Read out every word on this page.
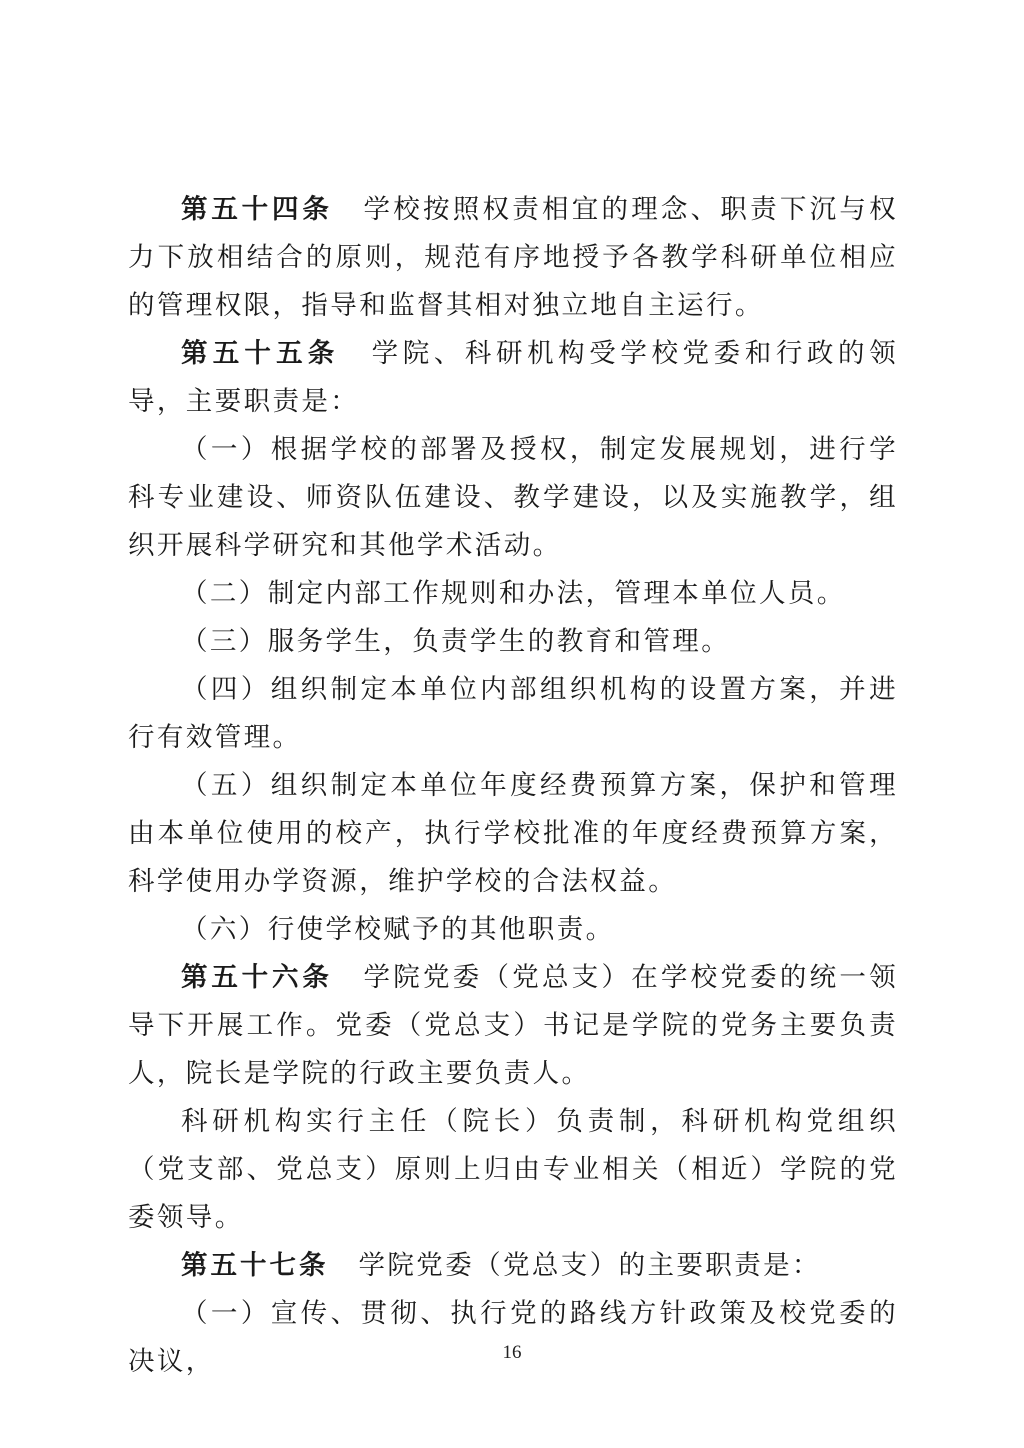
第五十四条 学校按照权责相宜的理念、职责下沉与权力下放相结合的原则，规范有序地授予各教学科研单位相应的管理权限，指导和监督其相对独立地自主运行。

第五十五条 学院、科研机构受学校党委和行政的领导，主要职责是：

（一）根据学校的部署及授权，制定发展规划，进行学科专业建设、师资队伍建设、教学建设，以及实施教学，组织开展科学研究和其他学术活动。

（二）制定内部工作规则和办法，管理本单位人员。

（三）服务学生，负责学生的教育和管理。

（四）组织制定本单位内部组织机构的设置方案，并进行有效管理。

（五）组织制定本单位年度经费预算方案，保护和管理由本单位使用的校产，执行学校批准的年度经费预算方案，科学使用办学资源，维护学校的合法权益。

（六）行使学校赋予的其他职责。

第五十六条 学院党委（党总支）在学校党委的统一领导下开展工作。党委（党总支）书记是学院的党务主要负责人，院长是学院的行政主要负责人。

科研机构实行主任（院长）负责制，科研机构党组织（党支部、党总支）原则上归由专业相关（相近）学院的党委领导。

第五十七条 学院党委（党总支）的主要职责是：

（一）宣传、贯彻、执行党的路线方针政策及校党委的决议，	16
